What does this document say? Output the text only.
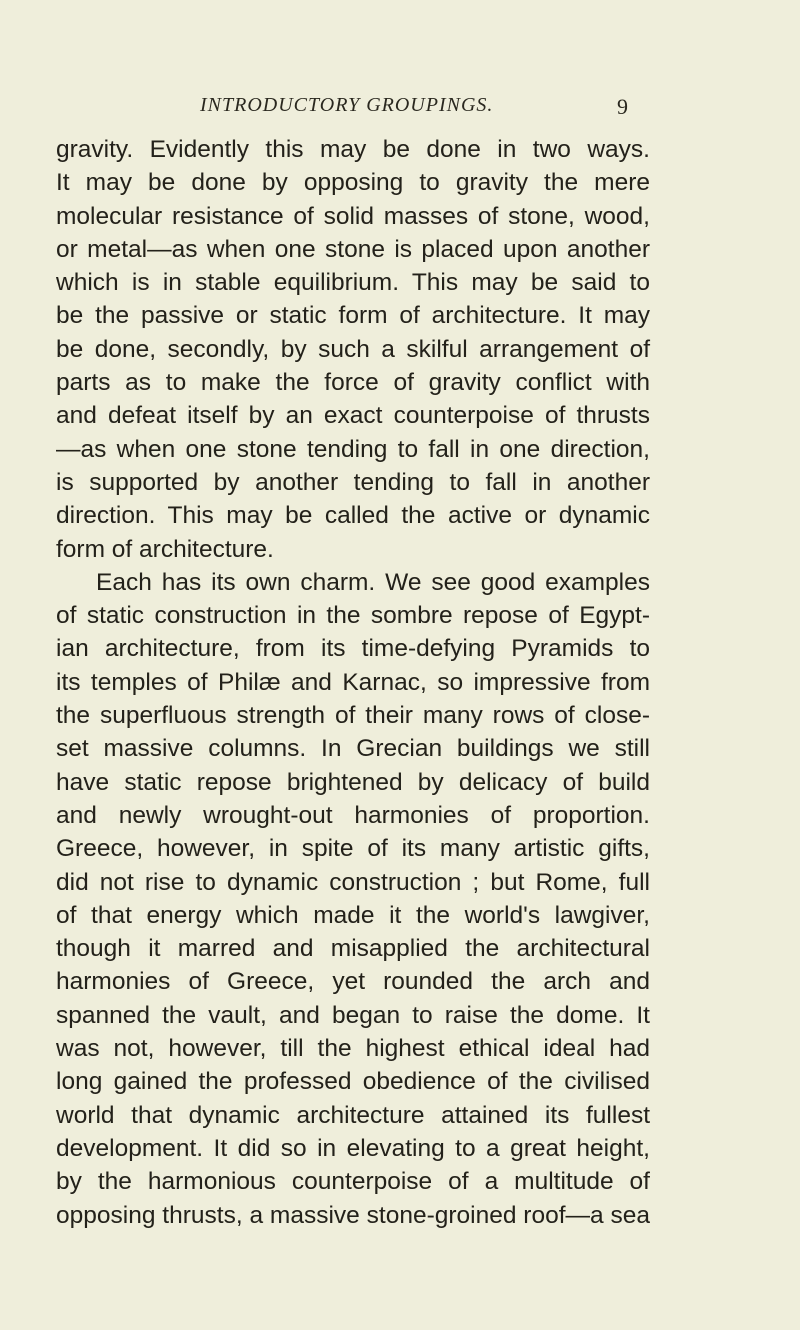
INTRODUCTORY GROUPINGS.	9
gravity. Evidently this may be done in two ways.
It may be done by opposing to gravity the mere
molecular resistance of solid masses of stone, wood,
or metal—as when one stone is placed upon another
which is in stable equilibrium. This may be said to
be the passive or static form of architecture. It may
be done, secondly, by such a skilful arrangement of
parts as to make the force of gravity conflict with
and defeat itself by an exact counterpoise of thrusts
—as when one stone tending to fall in one direction,
is supported by another tending to fall in another
direction. This may be called the active or dynamic
form of architecture.
Each has its own charm. We see good examples
of static construction in the sombre repose of Egypt-
ian architecture, from its time-defying Pyramids to
its temples of Philæ and Karnac, so impressive from
the superfluous strength of their many rows of close-
set massive columns. In Grecian buildings we still
have static repose brightened by delicacy of build
and newly wrought-out harmonies of proportion.
Greece, however, in spite of its many artistic gifts,
did not rise to dynamic construction ; but Rome, full
of that energy which made it the world's lawgiver,
though it marred and misapplied the architectural
harmonies of Greece, yet rounded the arch and
spanned the vault, and began to raise the dome. It
was not, however, till the highest ethical ideal had
long gained the professed obedience of the civilised
world that dynamic architecture attained its fullest
development. It did so in elevating to a great height,
by the harmonious counterpoise of a multitude of
opposing thrusts, a massive stone-groined roof—a sea
